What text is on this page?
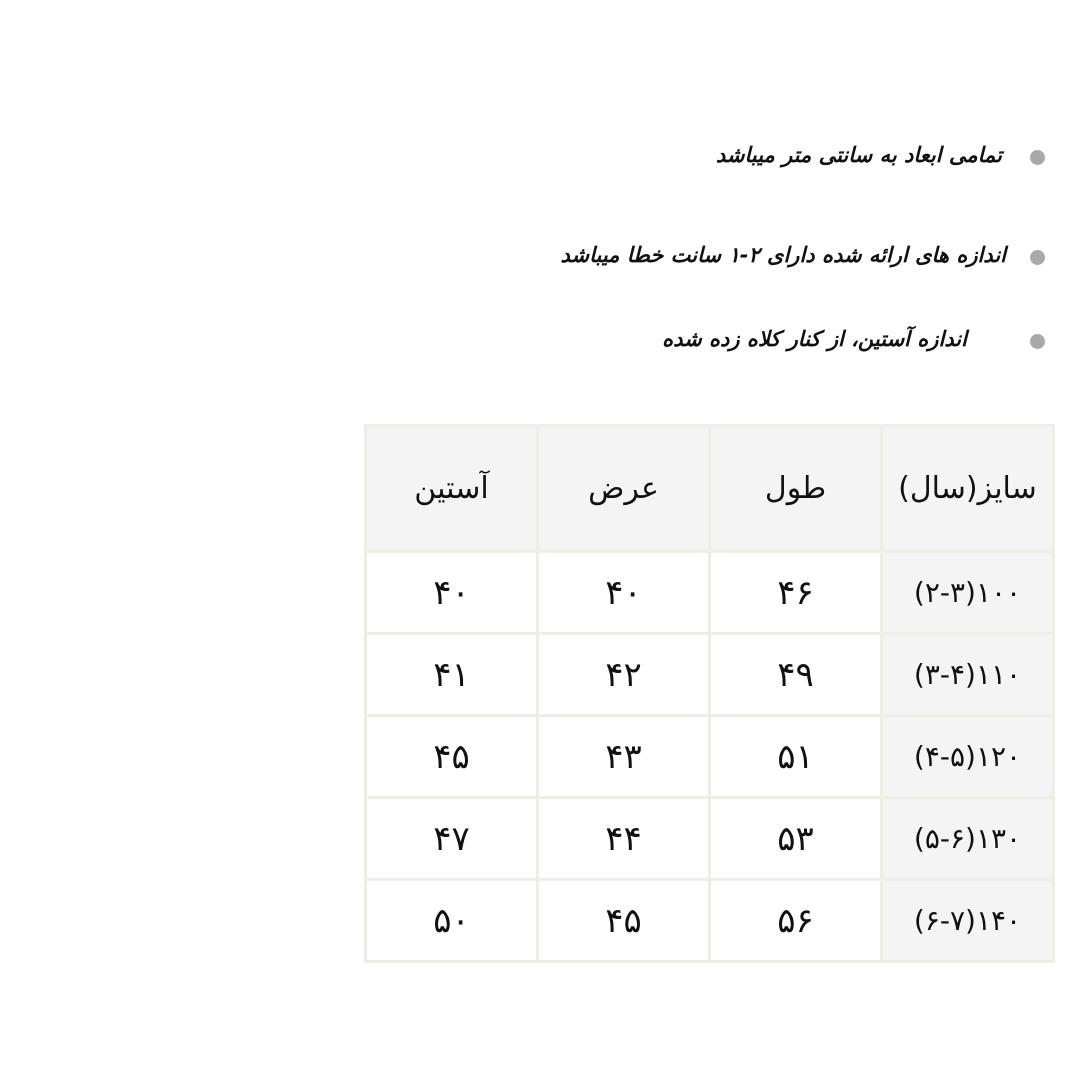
تمامی ابعاد به سانتی متر میباشد
اندازه های ارائه شده دارای ۲-۱ سانت خطا میباشد
اندازه آستین، از کنار کلاه زده شده
سایز(سال)	طول	عرض	آستین
۱۰۰(۲-۳)	۴۶	۴۰	۴۰
۱۱۰(۳-۴)	۴۹	۴۲	۴۱
۱۲۰(۴-۵)	۵۱	۴۳	۴۵
۱۳۰(۵-۶)	۵۳	۴۴	۴۷
۱۴۰(۶-۷)	۵۶	۴۵	۵۰
